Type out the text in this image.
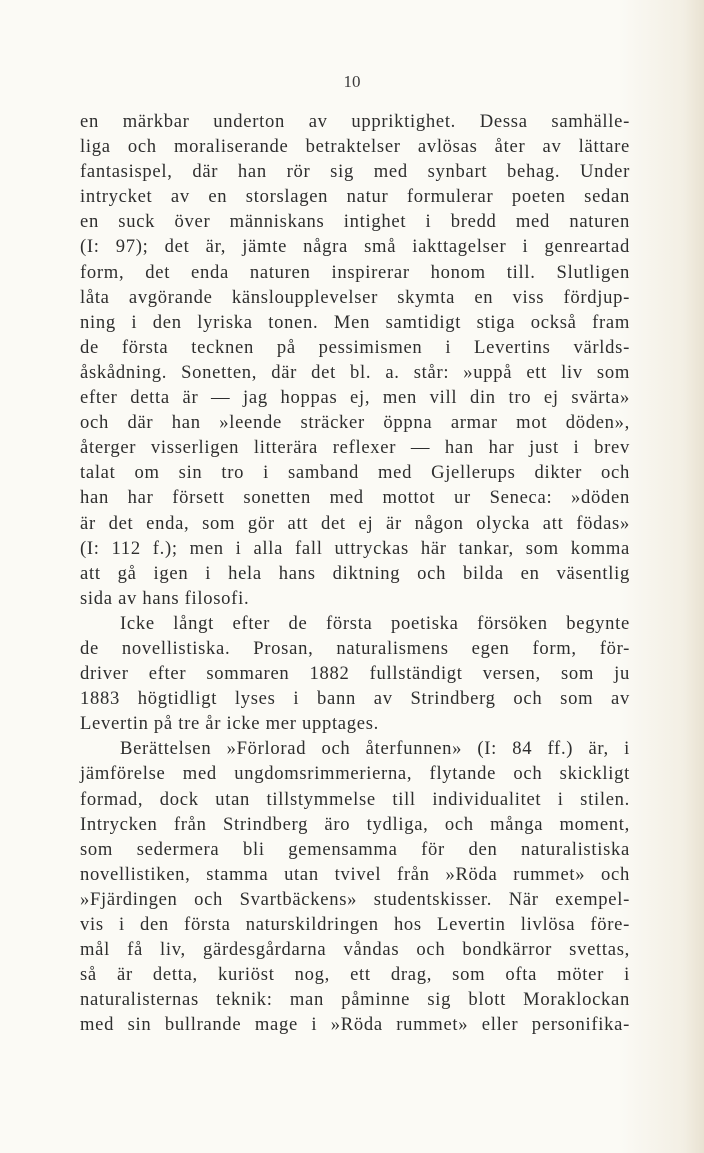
10

en märkbar underton av uppriktighet. Dessa samhälle-
liga och moraliserande betraktelser avlösas åter av lättare
fantasispel, där han rör sig med synbart behag. Under
intrycket av en storslagen natur formulerar poeten sedan
en suck över människans intighet i bredd med naturen
(I: 97); det är, jämte några små iakttagelser i genreartad
form, det enda naturen inspirerar honom till. Slutligen
låta avgörande känsloupplevelser skymta en viss fördjup-
ning i den lyriska tonen. Men samtidigt stiga också fram
de första tecknen på pessimismen i Levertins världs-
åskådning. Sonetten, där det bl. a. står: »uppå ett liv som
efter detta är — jag hoppas ej, men vill din tro ej svärta»
och där han »leende sträcker öppna armar mot döden»,
återger visserligen litterära reflexer — han har just i brev
talat om sin tro i samband med Gjellerups dikter och
han har försett sonetten med mottot ur Seneca: »döden
är det enda, som gör att det ej är någon olycka att födas»
(I: 112 f.); men i alla fall uttryckas här tankar, som komma
att gå igen i hela hans diktning och bilda en väsentlig
sida av hans filosofi.
Icke långt efter de första poetiska försöken begynte
de novellistiska. Prosan, naturalismens egen form, för-
driver efter sommaren 1882 fullständigt versen, som ju
1883 högtidligt lyses i bann av Strindberg och som av
Levertin på tre år icke mer upptages.
Berättelsen »Förlorad och återfunnen» (I: 84 ff.) är, i
jämförelse med ungdomsrimmerierna, flytande och skickligt
formad, dock utan tillstymmelse till individualitet i stilen.
Intrycken från Strindberg äro tydliga, och många moment,
som sedermera bli gemensamma för den naturalistiska
novellistiken, stamma utan tvivel från »Röda rummet» och
»Fjärdingen och Svartbäckens» studentskisser. När exempel-
vis i den första naturskildringen hos Levertin livlösa före-
mål få liv, gärdesgårdarna våndas och bondkärror svettas,
så är detta, kuriöst nog, ett drag, som ofta möter i
naturalisternas teknik: man påminne sig blott Moraklockan
med sin bullrande mage i »Röda rummet» eller personifika-
